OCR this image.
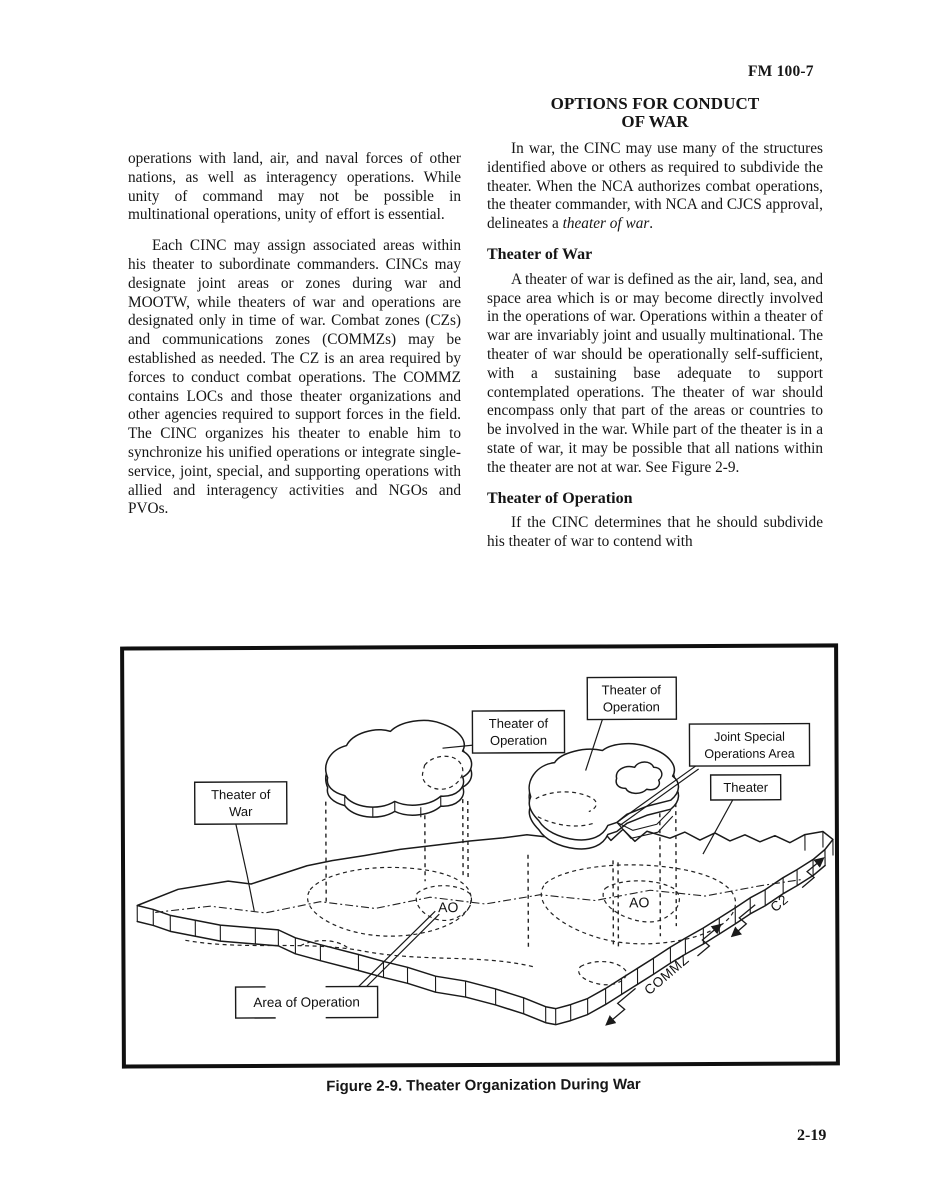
FM 100-7
OPTIONS FOR CONDUCT
OF WAR

operations with land, air, and naval forces of other nations, as well as interagency operations. While unity of command may not be possible in multinational operations, unity of effort is essential.

Each CINC may assign associated areas within his theater to subordinate commanders. CINCs may designate joint areas or zones during war and MOOTW, while theaters of war and operations are designated only in time of war. Combat zones (CZs) and communications zones (COMMZs) may be established as needed. The CZ is an area required by forces to conduct combat operations. The COMMZ contains LOCs and those theater organizations and other agencies required to support forces in the field. The CINC organizes his theater to enable him to synchronize his unified operations or integrate single-service, joint, special, and supporting operations with allied and interagency activities and NGOs and PVOs.

In war, the CINC may use many of the structures identified above or others as required to subdivide the theater. When the NCA authorizes combat operations, the theater commander, with NCA and CJCS approval, delineates a theater of war.

Theater of War

A theater of war is defined as the air, land, sea, and space area which is or may become directly involved in the operations of war. Operations within a theater of war are invariably joint and usually multinational. The theater of war should be operationally self-sufficient, with a sustaining base adequate to support contemplated operations. The theater of war should encompass only that part of the areas or countries to be involved in the war. While part of the theater is in a state of war, it may be possible that all nations within the theater are not at war. See Figure 2-9.

Theater of Operation

If the CINC determines that he should subdivide his theater of war to contend with

Theater of
War
Theater of
Operation
Theater of
Operation
Joint Special
Operations Area
Theater
Area of Operation
AO	AO
COMMZ
C2
Figure 2-9. Theater Organization During War
2-19
